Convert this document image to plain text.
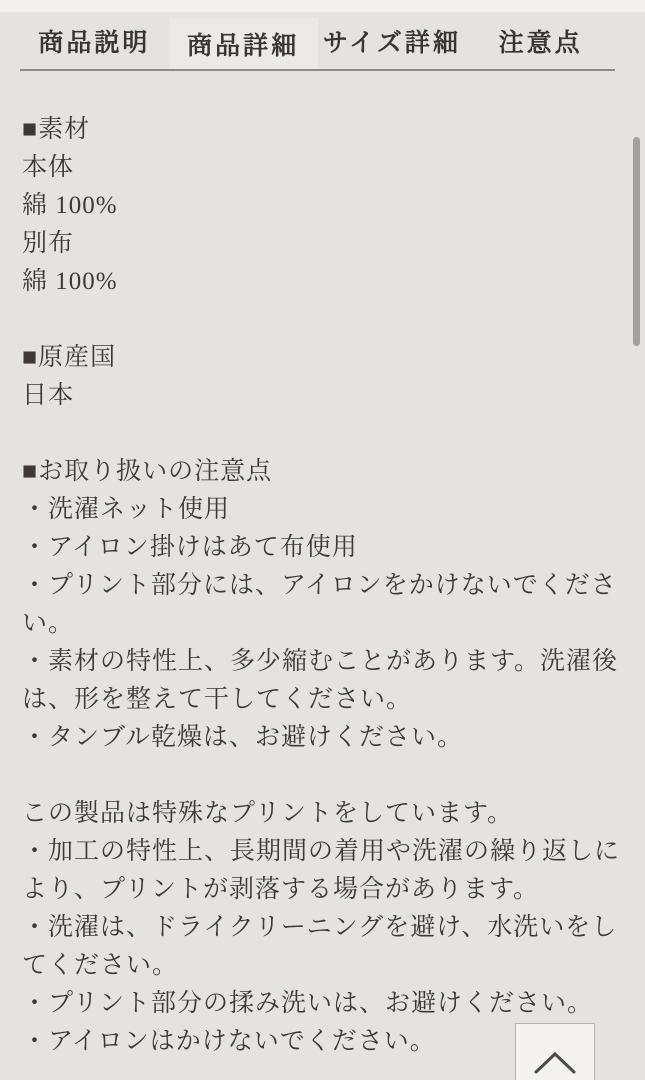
商品説明	商品詳細 サイズ詳細	注意点

■素材

本体

綿 100%

別布

綿 100%

■原産国

日本

■お取り扱いの注意点

・洗濯ネット使用

・アイロン掛けはあて布使用

・プリント部分には、アイロンをかけないでください。

・素材の特性上、多少縮むことがあります。洗濯後は、形を整えて干してください。

・タンブル乾燥は、お避けください。

この製品は特殊なプリントをしています。

・加工の特性上、長期間の着用や洗濯の繰り返しにより、プリントが剥落する場合があります。

・洗濯は、ドライクリーニングを避け、水洗いをしてください。

・プリント部分の揉み洗いは、お避けください。

・アイロンはかけないでください。
